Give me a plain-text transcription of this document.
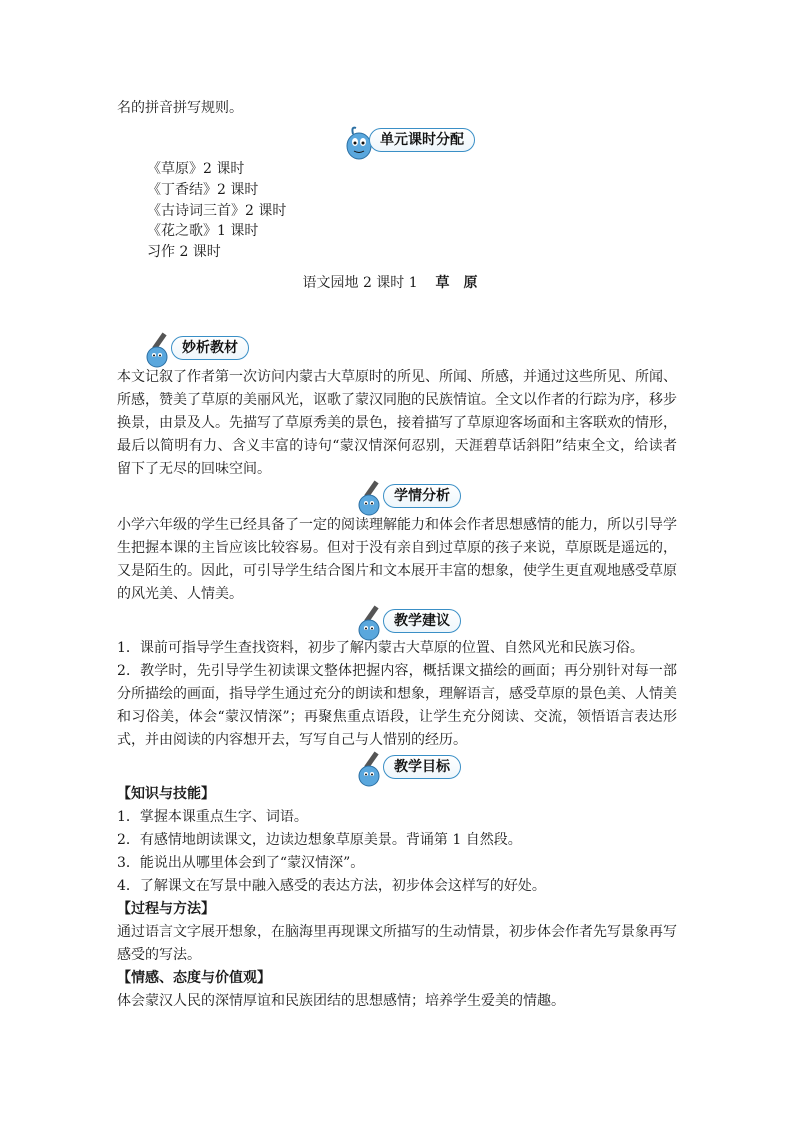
名的拼音拼写规则。
单元课时分配
《草原》2 课时
《丁香结》2 课时
《古诗词三首》2 课时
《花之歌》1 课时
习作 2 课时
语文园地 2 课时 1 草原
妙析教材

本文记叙了作者第一次访问内蒙古大草原时的所见、所闻、所感，并通过这些所见、所闻、所感，赞美了草原的美丽风光，讴歌了蒙汉同胞的民族情谊。全文以作者的行踪为序，移步换景，由景及人。先描写了草原秀美的景色，接着描写了草原迎客场面和主客联欢的情形，最后以简明有力、含义丰富的诗句“蒙汉情深何忍别，天涯碧草话斜阳”结束全文，给读者留下了无尽的回味空间。

学情分析

小学六年级的学生已经具备了一定的阅读理解能力和体会作者思想感情的能力，所以引导学生把握本课的主旨应该比较容易。但对于没有亲自到过草原的孩子来说，草原既是遥远的，又是陌生的。因此，可引导学生结合图片和文本展开丰富的想象，使学生更直观地感受草原的风光美、人情美。

教学建议

1．课前可指导学生查找资料，初步了解内蒙古大草原的位置、自然风光和民族习俗。

2．教学时，先引导学生初读课文整体把握内容，概括课文描绘的画面；再分别针对每一部分所描绘的画面，指导学生通过充分的朗读和想象，理解语言，感受草原的景色美、人情美和习俗美，体会“蒙汉情深”；再聚焦重点语段，让学生充分阅读、交流，领悟语言表达形式，并由阅读的内容想开去，写写自己与人惜别的经历。

教学目标

【知识与技能】

1．掌握本课重点生字、词语。

2．有感情地朗读课文，边读边想象草原美景。背诵第 1 自然段。

3．能说出从哪里体会到了“蒙汉情深”。

4．了解课文在写景中融入感受的表达方法，初步体会这样写的好处。

【过程与方法】

通过语言文字展开想象，在脑海里再现课文所描写的生动情景，初步体会作者先写景象再写感受的写法。

【情感、态度与价值观】

体会蒙汉人民的深情厚谊和民族团结的思想感情；培养学生爱美的情趣。
